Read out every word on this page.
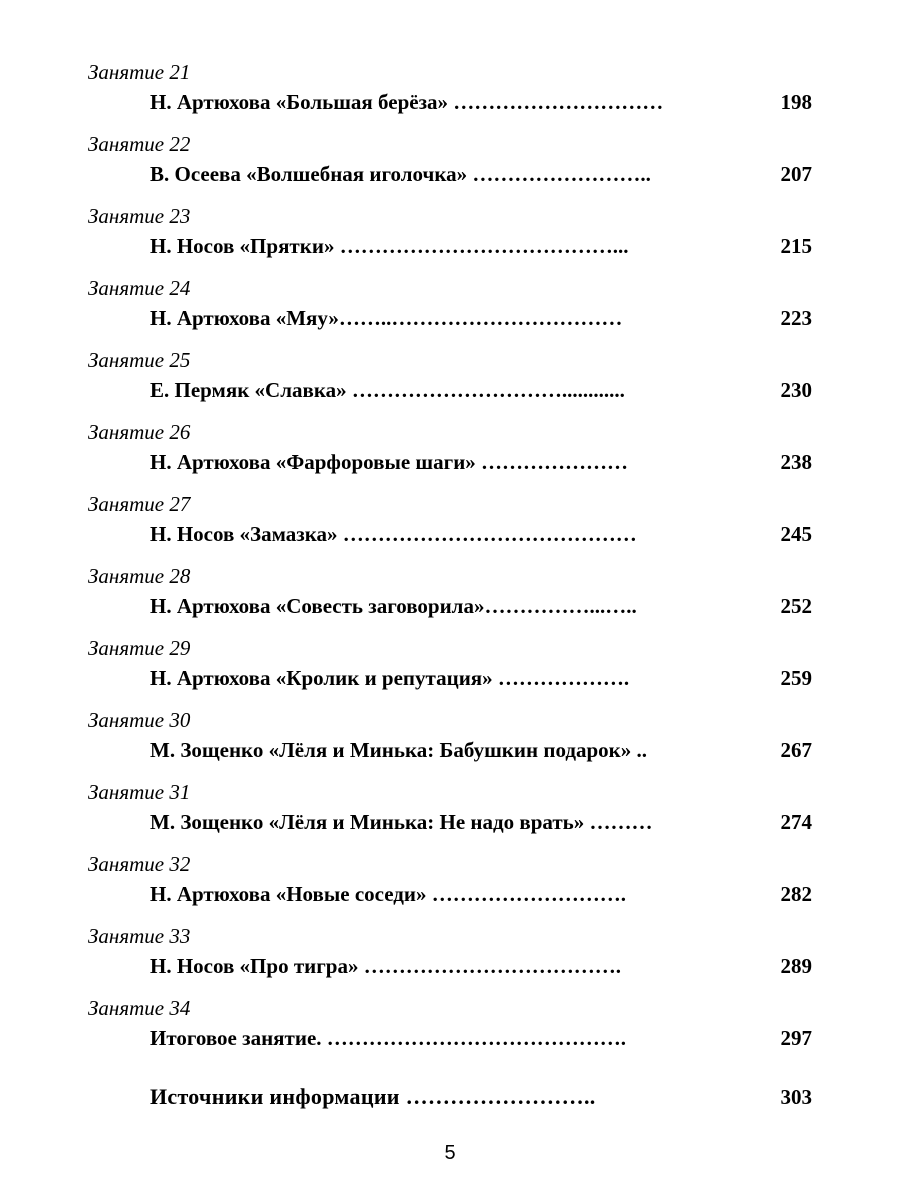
Занятие 21
Н. Артюхова «Большая берёза» …………………………	198
Занятие 22
В. Осеева «Волшебная иголочка» ……………………..	207
Занятие 23
Н. Носов «Прятки» …………………………………...	215
Занятие 24
Н. Артюхова «Мяу»……..……………………………	223
Занятие 25
Е. Пермяк «Славка» …………………………............	230
Занятие 26
Н. Артюхова «Фарфоровые шаги» …………………	238
Занятие 27
Н. Носов «Замазка» ……………………………………	245
Занятие 28
Н. Артюхова «Совесть заговорила»……………...…..	252
Занятие 29
Н. Артюхова «Кролик и репутация» ……………….	259
Занятие 30
М. Зощенко «Лёля и Минька: Бабушкин подарок» ..	267
Занятие 31
М. Зощенко «Лёля и Минька: Не надо врать» ………	274
Занятие 32
Н. Артюхова «Новые соседи» ……………………….	282
Занятие 33
Н. Носов «Про тигра» ……………………………….	289
Занятие 34
Итоговое занятие. …………………………………….	297
Источники информации ……………………..	303
5
